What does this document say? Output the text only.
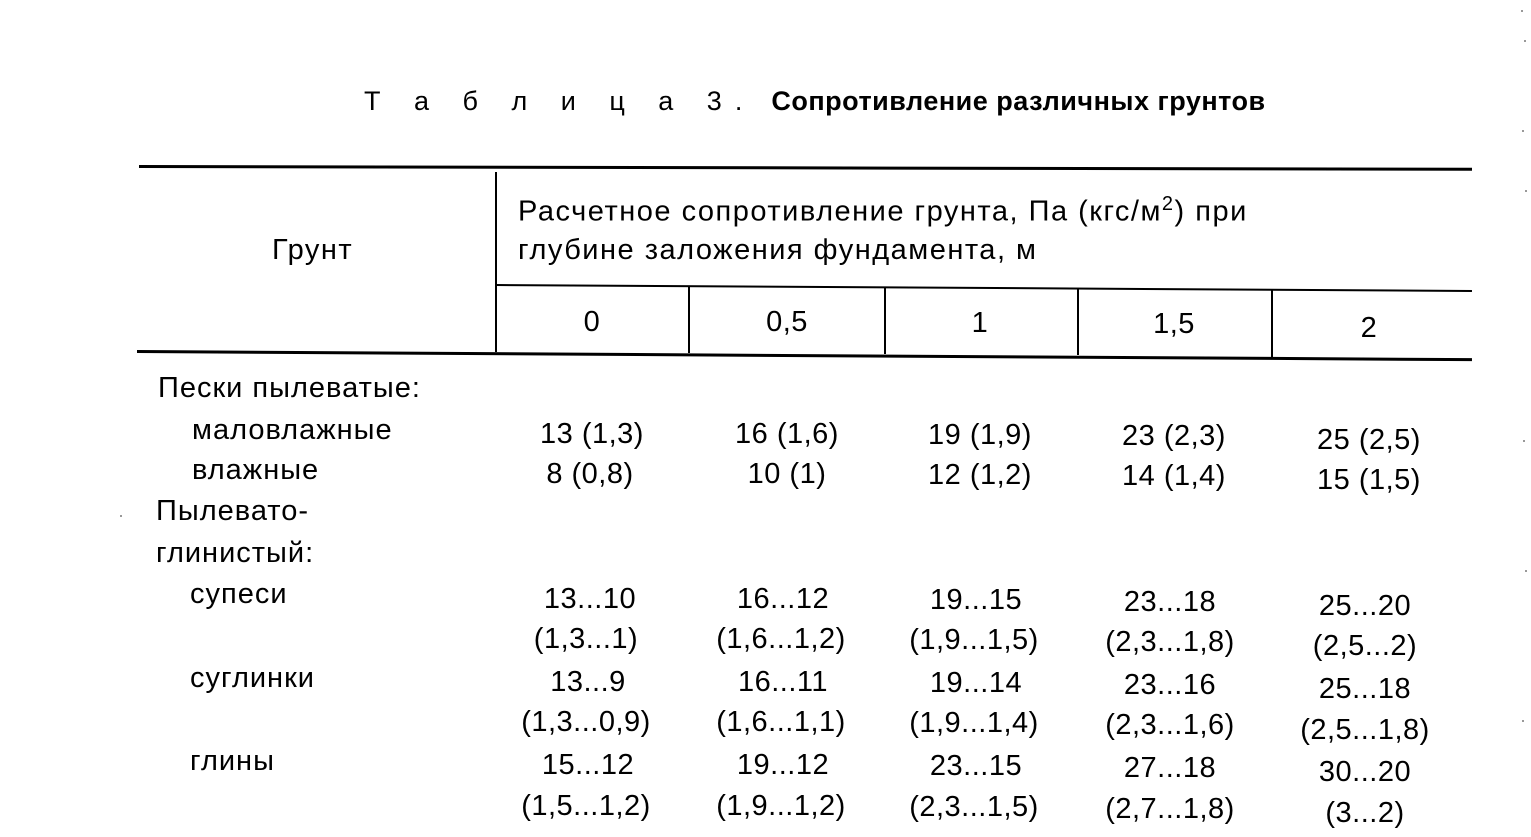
Т а б л и ц а 3. Сопротивление различных грунтов
Грунт
Расчетное сопротивление грунта, Па $(кгс/м^2)$ при
глубине заложения фундамента, м
0	0,5	1	1,5	2
Пески пылеватые:
маловлажные	13 (1,3)	16 (1,6)	19 (1,9)	23 (2,3)	25 (2,5)
влажные	8 (0,8)	10 (1)	12 (1,2)	14 (1,4)	15 (1,5)
Пылевато-
глинистый:
супеси	13...10	16...12	19...15	23...18	25...20
(1,3...1)	(1,6...1,2)	(1,9...1,5)	(2,3...1,8)	(2,5...2)
суглинки	13...9	16...11	19...14	23...16	25...18
(1,3...0,9)	(1,6...1,1)	(1,9...1,4)	(2,3...1,6)	(2,5...1,8)
глины	15...12	19...12	23...15	27...18	30...20
(1,5...1,2)	(1,9...1,2)	(2,3...1,5)	(2,7...1,8)	(3...2)
